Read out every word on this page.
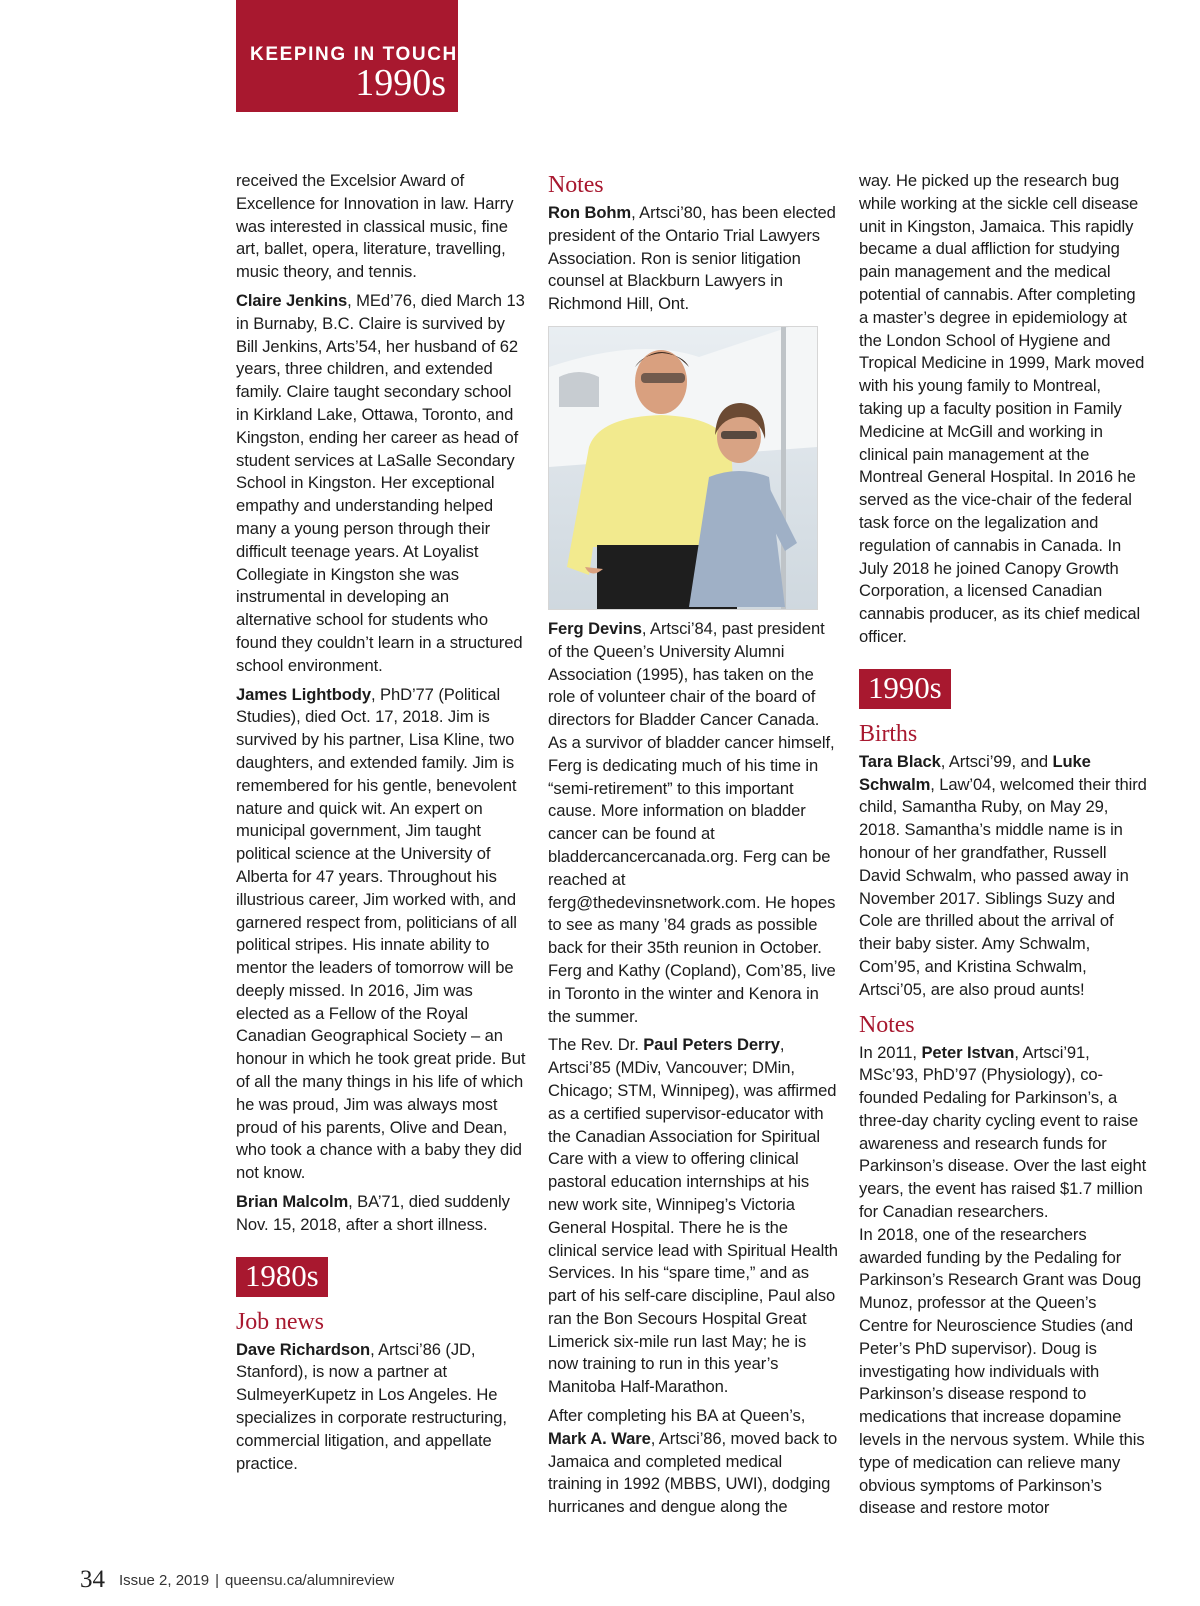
KEEPING IN TOUCH
1990s

received the Excelsior Award of Excellence for Innovation in law. Harry was interested in classical music, fine art, ballet, opera, literature, travelling, music theory, and tennis.

Claire Jenkins, MEd’76, died March 13 in Burnaby, B.C. Claire is survived by Bill Jenkins, Arts’54, her husband of 62 years, three children, and extended family. Claire taught secondary school in Kirkland Lake, Ottawa, Toronto, and Kingston, ending her career as head of student services at LaSalle Secondary School in Kingston. Her exceptional empathy and understanding helped many a young person through their difficult teenage years. At Loyalist Collegiate in Kingston she was instrumental in developing an alternative school for students who found they couldn’t learn in a structured school environment.

James Lightbody, PhD’77 (Political Studies), died Oct. 17, 2018. Jim is survived by his partner, Lisa Kline, two daughters, and extended family. Jim is remembered for his gentle, benevolent nature and quick wit. An expert on municipal government, Jim taught political science at the University of Alberta for 47 years. Throughout his illustrious career, Jim worked with, and garnered respect from, politicians of all political stripes. His innate ability to mentor the leaders of tomorrow will be deeply missed. In 2016, Jim was elected as a Fellow of the Royal Canadian Geographical Society – an honour in which he took great pride. But of all the many things in his life of which he was proud, Jim was always most proud of his parents, Olive and Dean, who took a chance with a baby they did not know.

Brian Malcolm, BA’71, died suddenly Nov. 15, 2018, after a short illness.

1980s
Job news

Dave Richardson, Artsci’86 (JD, Stanford), is now a partner at SulmeyerKupetz in Los Angeles. He specializes in corporate restructuring, commercial litigation, and appellate practice.

Notes

Ron Bohm, Artsci’80, has been elected president of the Ontario Trial Lawyers Association. Ron is senior litigation counsel at Blackburn Lawyers in Richmond Hill, Ont.

Ferg Devins, Artsci’84, past president of the Queen’s University Alumni Association (1995), has taken on the role of volunteer chair of the board of directors for Bladder Cancer Canada. As a survivor of bladder cancer himself, Ferg is dedicating much of his time in “semi-retirement” to this important cause. More information on bladder cancer can be found at bladdercancercanada.org. Ferg can be reached at ferg@thedevinsnetwork.com. He hopes to see as many ’84 grads as possible back for their 35th reunion in October. Ferg and Kathy (Copland), Com’85, live in Toronto in the winter and Kenora in the summer.

The Rev. Dr. Paul Peters Derry, Artsci’85 (MDiv, Vancouver; DMin, Chicago; STM, Winnipeg), was affirmed as a certified supervisor-educator with the Canadian Association for Spiritual Care with a view to offering clinical pastoral education internships at his new work site, Winnipeg’s Victoria General Hospital. There he is the clinical service lead with Spiritual Health Services. In his “spare time,” and as part of his self-care discipline, Paul also ran the Bon Secours Hospital Great Limerick six-mile run last May; he is now training to run in this year’s Manitoba Half-Marathon.

After completing his BA at Queen’s, Mark A. Ware, Artsci’86, moved back to Jamaica and completed medical training in 1992 (MBBS, UWI), dodging hurricanes and dengue along the

way. He picked up the research bug while working at the sickle cell disease unit in Kingston, Jamaica. This rapidly became a dual affliction for studying pain management and the medical potential of cannabis. After completing a master’s degree in epidemiology at the London School of Hygiene and Tropical Medicine in 1999, Mark moved with his young family to Montreal, taking up a faculty position in Family Medicine at McGill and working in clinical pain management at the Montreal General Hospital. In 2016 he served as the vice-chair of the federal task force on the legalization and regulation of cannabis in Canada. In July 2018 he joined Canopy Growth Corporation, a licensed Canadian cannabis producer, as its chief medical officer.

1990s
Births

Tara Black, Artsci’99, and Luke Schwalm, Law’04, welcomed their third child, Samantha Ruby, on May 29, 2018. Samantha’s middle name is in honour of her grandfather, Russell David Schwalm, who passed away in November 2017. Siblings Suzy and Cole are thrilled about the arrival of their baby sister. Amy Schwalm, Com’95, and Kristina Schwalm, Artsci’05, are also proud aunts!

Notes

In 2011, Peter Istvan, Artsci’91, MSc’93, PhD’97 (Physiology), co-founded Pedaling for Parkinson’s, a three-day charity cycling event to raise awareness and research funds for Parkinson’s disease. Over the last eight years, the event has raised $1.7 million for Canadian researchers.

In 2018, one of the researchers awarded funding by the Pedaling for Parkinson’s Research Grant was Doug Munoz, professor at the Queen’s Centre for Neuroscience Studies (and Peter’s PhD supervisor). Doug is investigating how individuals with Parkinson’s disease respond to medications that increase dopamine levels in the nervous system. While this type of medication can relieve many obvious symptoms of Parkinson’s disease and restore motor

34 Issue 2, 2019 | queensu.ca/alumnireview
